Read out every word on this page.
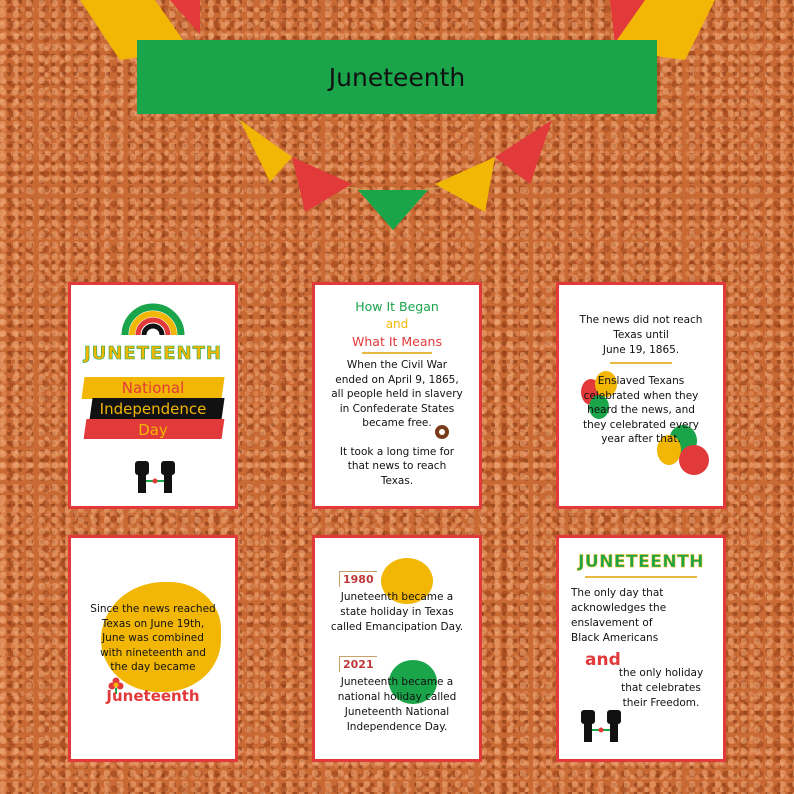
Juneteenth
JUNETEENTH
National
Independence
Day
How It Began
and
What It Means
When the Civil War
ended on April 9, 1865,
all people held in slavery
in Confederate States
became free.
It took a long time for
that news to reach
Texas.
The news did not reach
Texas until
June 19, 1865.
Enslaved Texans
celebrated when they
heard the news, and
they celebrated every
year after that.
Since the news reached
Texas on June 19th,
June was combined
with nineteenth and
the day became
Juneteenth
1980
Juneteenth became a
state holiday in Texas
called Emancipation Day.
2021
Juneteenth became a
national holiday called
Juneteenth National
Independence Day.
JUNETEENTH
The only day that
acknowledges the
enslavement of
Black Americans
and
the only holiday
that celebrates
their Freedom.
